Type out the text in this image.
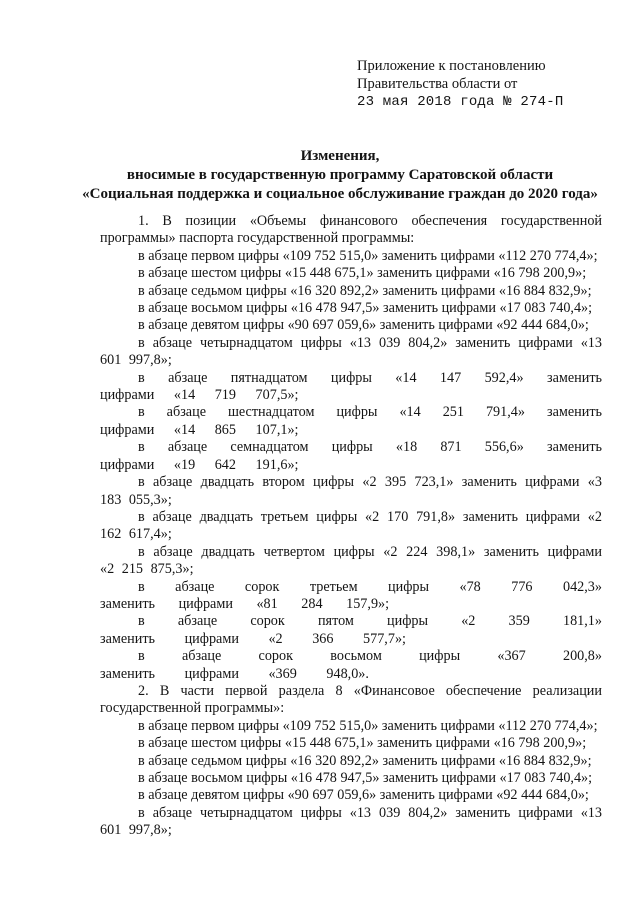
Приложение к постановлению
Правительства области от
23 мая 2018 года № 274-П
Изменения,
вносимые в государственную программу Саратовской области
«Социальная поддержка и социальное обслуживание граждан до 2020 года»

1. В позиции «Объемы финансового обеспечения государственной программы» паспорта государственной программы:

в абзаце первом цифры «109 752 515,0» заменить цифрами «112 270 774,4»;

в абзаце шестом цифры «15 448 675,1» заменить цифрами «16 798 200,9»;

в абзаце седьмом цифры «16 320 892,2» заменить цифрами «16 884 832,9»;

в абзаце восьмом цифры «16 478 947,5» заменить цифрами «17 083 740,4»;

в абзаце девятом цифры «90 697 059,6» заменить цифрами «92 444 684,0»;

в абзаце четырнадцатом цифры «13 039 804,2» заменить цифрами «13 601 997,8»;

в абзаце пятнадцатом цифры «14 147 592,4» заменить цифрами «14 719 707,5»;

в абзаце шестнадцатом цифры «14 251 791,4» заменить цифрами «14 865 107,1»;

в абзаце семнадцатом цифры «18 871 556,6» заменить цифрами «19 642 191,6»;

в абзаце двадцать втором цифры «2 395 723,1» заменить цифрами «3 183 055,3»;

в абзаце двадцать третьем цифры «2 170 791,8» заменить цифрами «2 162 617,4»;

в абзаце двадцать четвертом цифры «2 224 398,1» заменить цифрами «2 215 875,3»;

в абзаце сорок третьем цифры «78 776 042,3» заменить цифрами «81 284 157,9»;

в абзаце сорок пятом цифры «2 359 181,1» заменить цифрами «2 366 577,7»;

в абзаце сорок восьмом цифры «367 200,8» заменить цифрами «369 948,0».

2. В части первой раздела 8 «Финансовое обеспечение реализации государственной программы»:

в абзаце первом цифры «109 752 515,0» заменить цифрами «112 270 774,4»;

в абзаце шестом цифры «15 448 675,1» заменить цифрами «16 798 200,9»;

в абзаце седьмом цифры «16 320 892,2» заменить цифрами «16 884 832,9»;

в абзаце восьмом цифры «16 478 947,5» заменить цифрами «17 083 740,4»;

в абзаце девятом цифры «90 697 059,6» заменить цифрами «92 444 684,0»;

в абзаце четырнадцатом цифры «13 039 804,2» заменить цифрами «13 601 997,8»;
